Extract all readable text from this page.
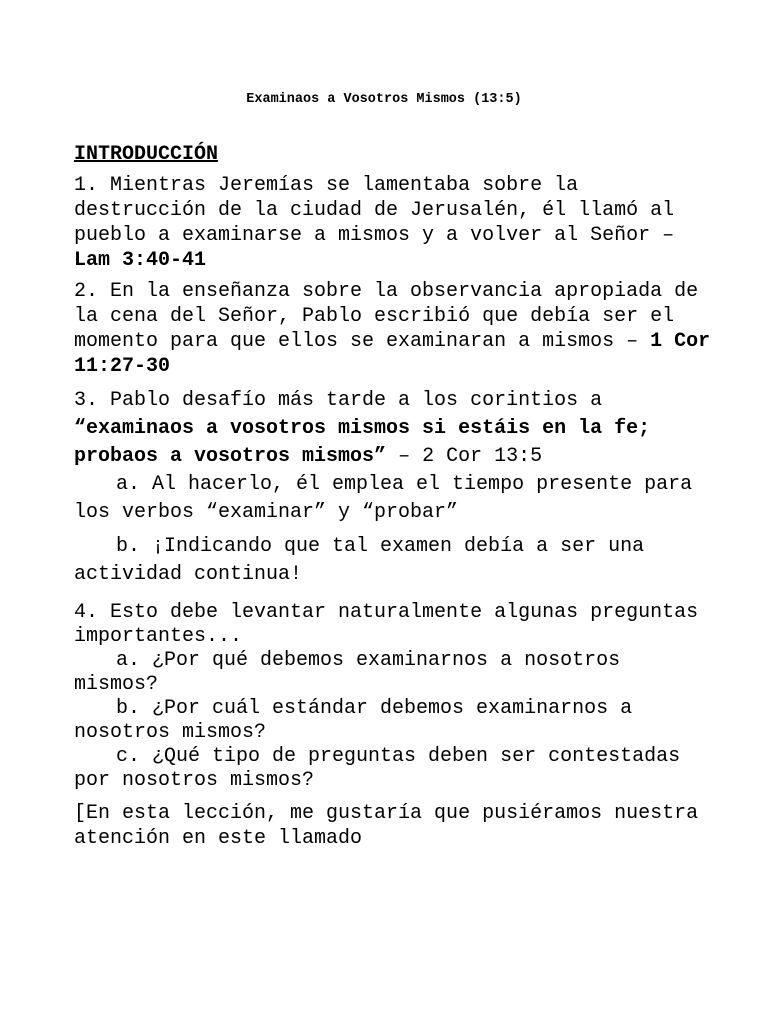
Examinaos a Vosotros Mismos (13:5)
INTRODUCCIÓN

1. Mientras Jeremías se lamentaba sobre la destrucción de la ciudad de Jerusalén, él llamó al pueblo a examinarse a mismos y a volver al Señor – Lam 3:40-41

2. En la enseñanza sobre la observancia apropiada de la cena del Señor, Pablo escribió que debía ser el momento para que ellos se examinaran a mismos – 1 Cor 11:27-30

3. Pablo desafío más tarde a los corintios a “examinaos a vosotros mismos si estáis en la fe; probaos a vosotros mismos” – 2 Cor 13:5

a. Al hacerlo, él emplea el tiempo presente para los verbos “examinar” y “probar”

b. ¡Indicando que tal examen debía a ser una actividad continua!

4. Esto debe levantar naturalmente algunas preguntas importantes...

a. ¿Por qué debemos examinarnos a nosotros mismos?

b. ¿Por cuál estándar debemos examinarnos a nosotros mismos?

c. ¿Qué tipo de preguntas deben ser contestadas por nosotros mismos?

[En esta lección, me gustaría que pusiéramos nuestra atención en este llamado
